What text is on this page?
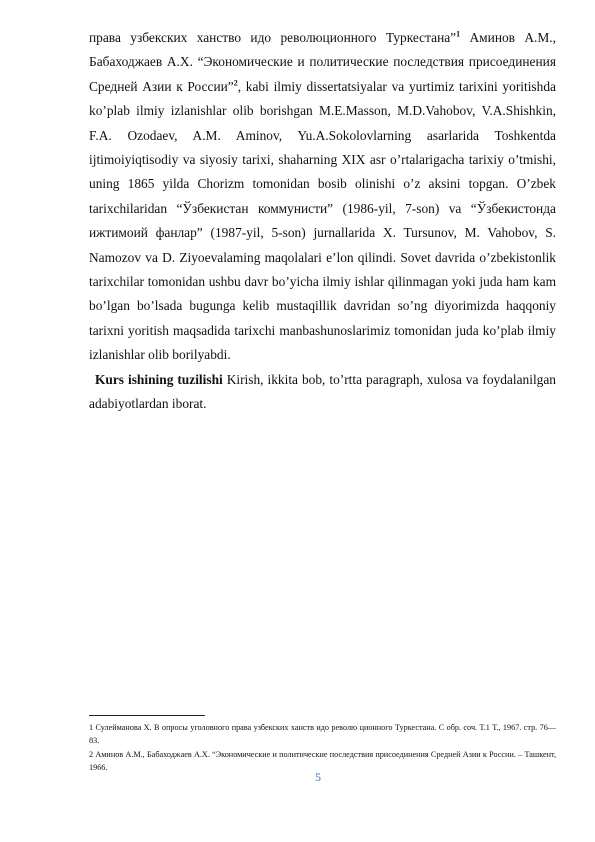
права узбекских ханство идо революционного Туркестана”$^1$ Аминов А.М., Бабаходжаев А.Х. “Экономические и политические последствия присоединения Средней Азии к России”$^2$, kabi ilmiy dissertatsiyalar va yurtimiz tarixini yoritishda ko’plab ilmiy izlanishlar olib borishgan M.E.Masson, M.D.Vahobov, V.A.Shishkin, F.A. Ozodaev, A.M. Aminov, Yu.A.Sokolovlarning asarlarida Toshkentda ijtimoiyiqtisodiy va siyosiy tarixi, shaharning XIX asr o’rtalarigacha tarixiy o’tmishi, uning 1865 yilda Chorizm tomonidan bosib olinishi o’z aksini topgan. O’zbek tarixchilaridan “Ўзбекистан коммунисти” (1986-yil, 7-son) va “Ўзбекистонда ижтимоий фанлар” (1987-yil, 5-son) jurnallarida X. Tursunov, M. Vahobov, S. Namozov va D. Ziyoevalaming maqolalari e’lon qilindi. Sovet davrida o’zbekistonlik tarixchilar tomonidan ushbu davr bo’yicha ilmiy ishlar qilinmagan yoki juda ham kam bo’lgan bo’lsada bugunga kelib mustaqillik davridan so’ng diyorimizda haqqoniy tarixni yoritish maqsadida tarixchi manbashunoslarimiz tomonidan juda ko’plab ilmiy izlanishlar olib borilyabdi.

Kurs ishining tuzilishi Kirish, ikkita bob, to’rtta paragraph, xulosa va foydalanilgan adabiyotlardan iborat.

1 Сулейманова Х. В опросы уголовного права узбекских ханств идо револю ционного Туркестана. С обр. соч. Т.1 Т., 1967. стр. 76—83.

2 Аминов А.М., Бабаходжаев А.Х. “Экономические и политические последствия присоединения Средней Азии к России. – Ташкент, 1966.

5
